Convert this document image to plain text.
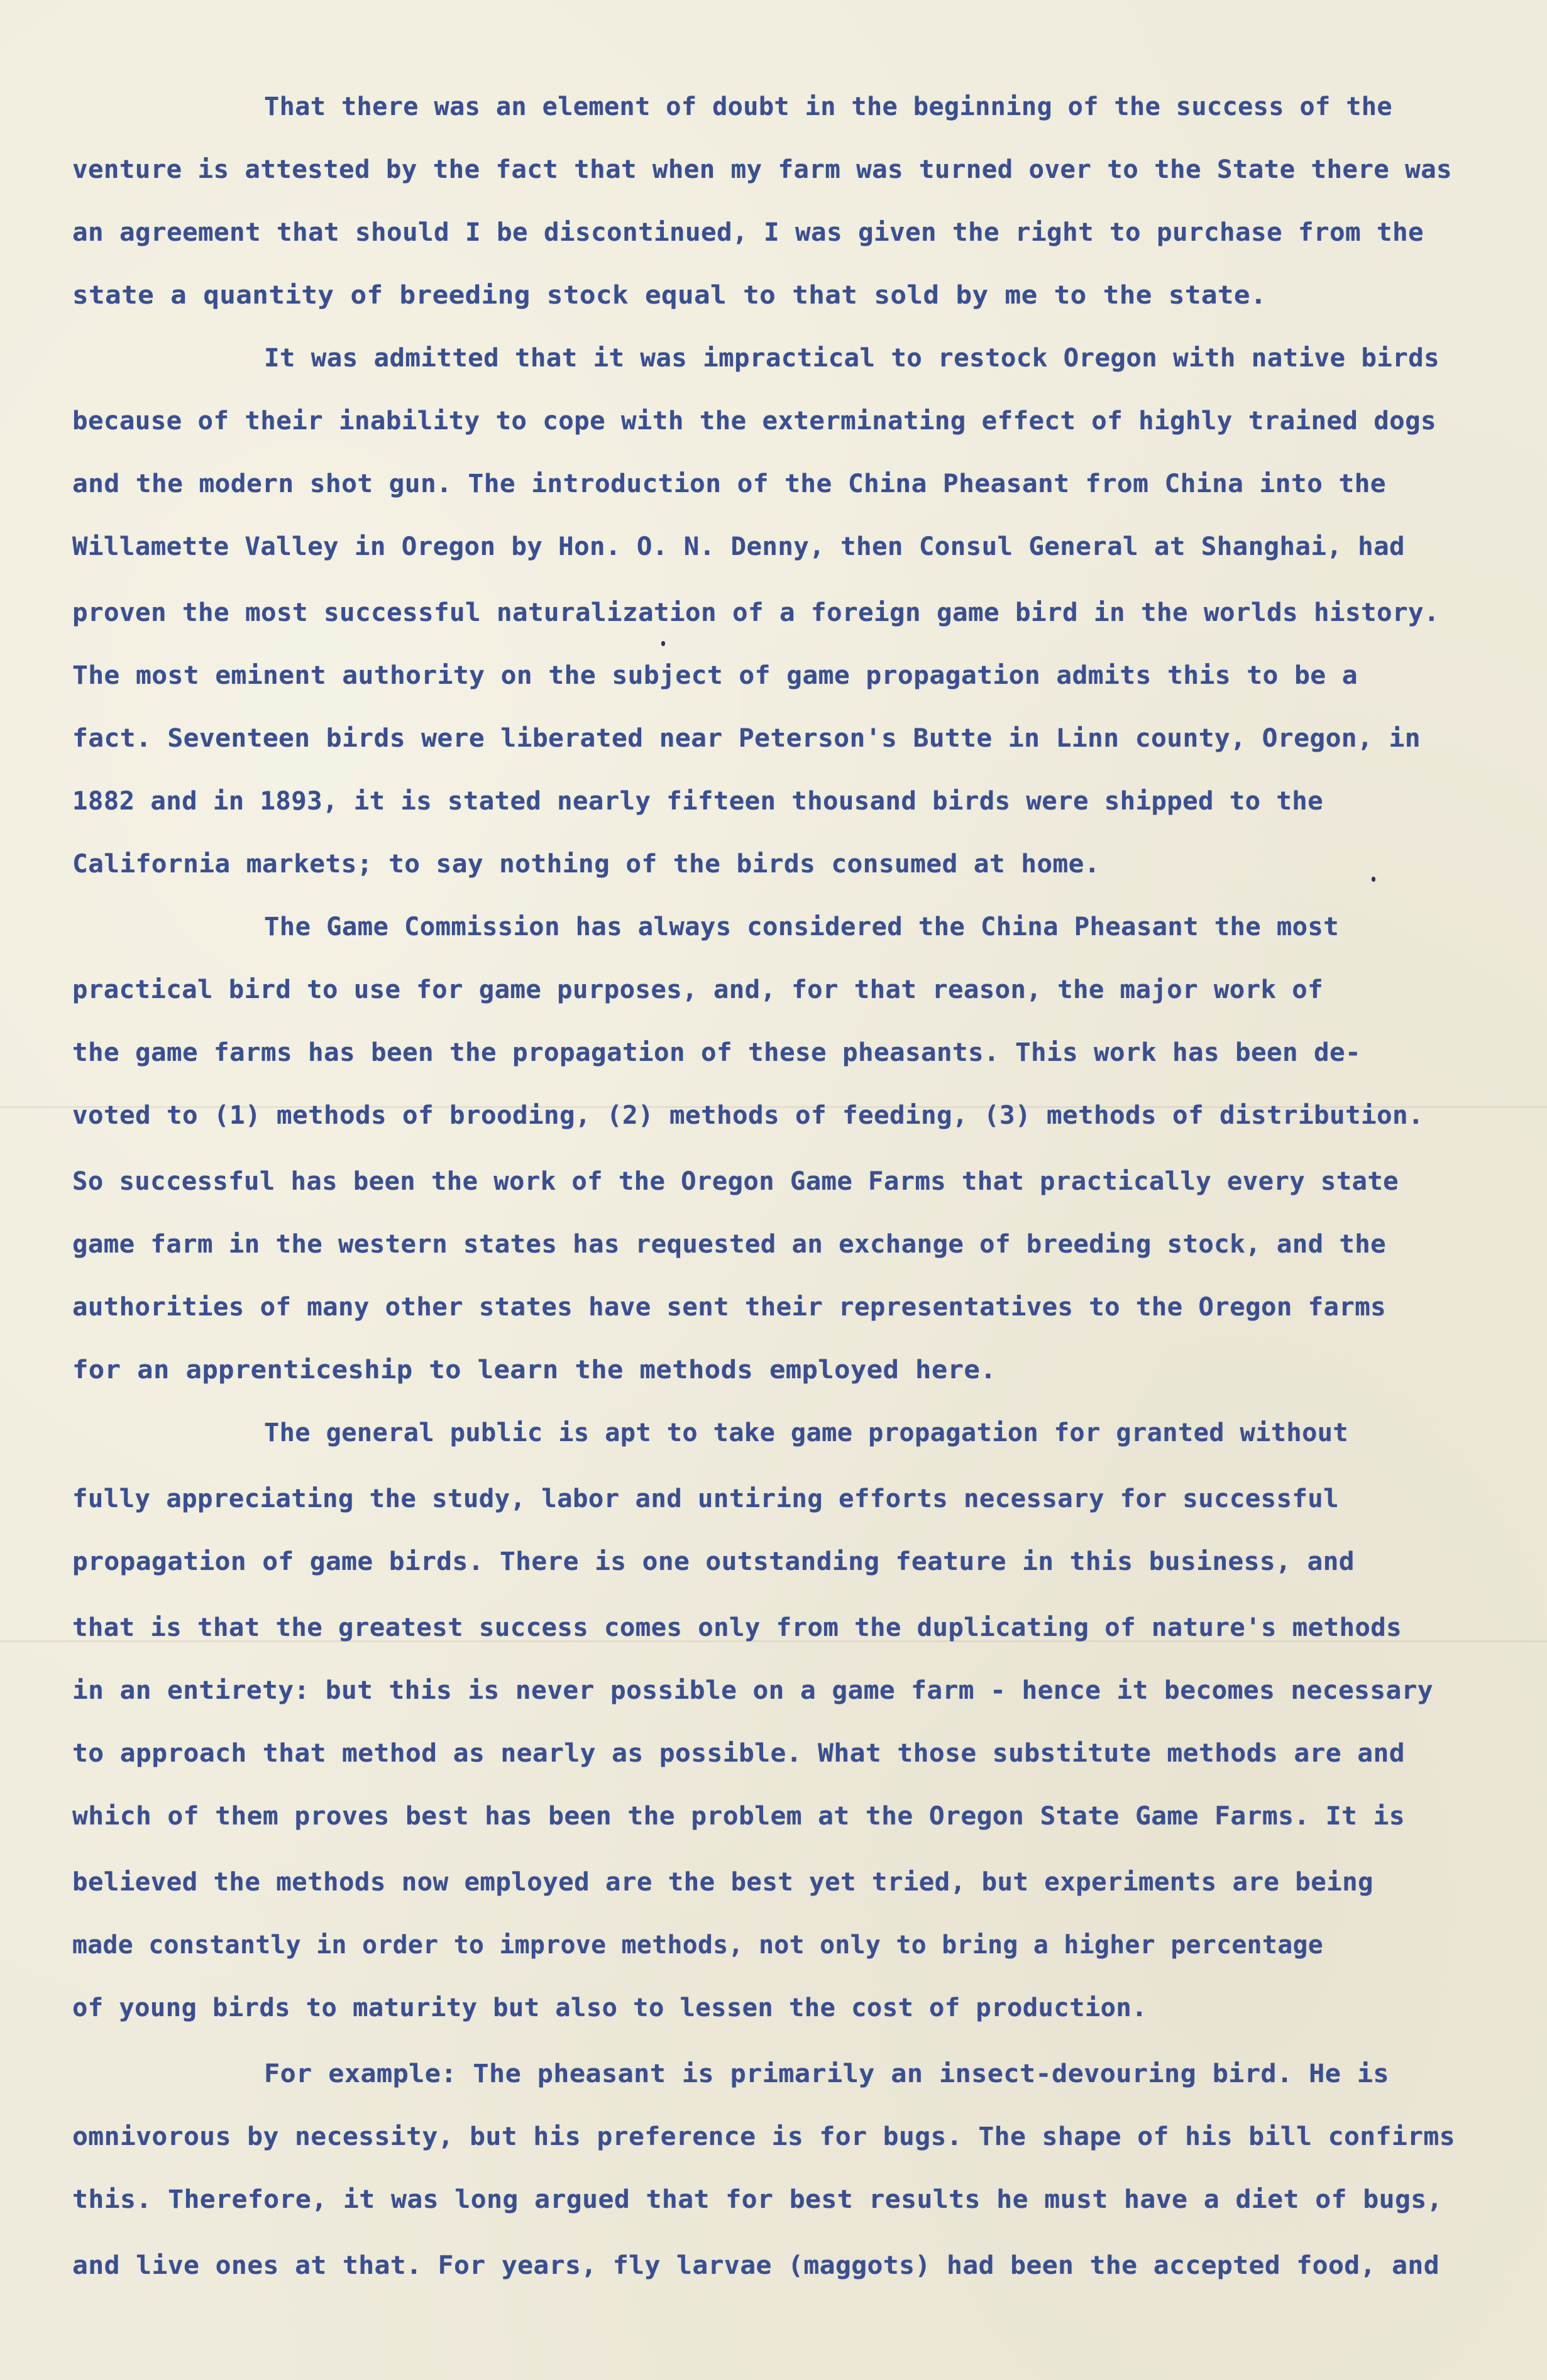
That there was an element of doubt in the beginning of the success of the

venture is attested by the fact that when my farm was turned over to the State there was

an agreement that should I be discontinued, I was given the right to purchase from the

state a quantity of breeding stock equal to that sold by me to the state.

It was admitted that it was impractical to restock Oregon with native birds

because of their inability to cope with the exterminating effect of highly trained dogs

and the modern shot gun. The introduction of the China Pheasant from China into the

Willamette Valley in Oregon by Hon. O. N. Denny, then Consul General at Shanghai, had

proven the most successful naturalization of a foreign game bird in the worlds history.

The most eminent authority on the subject of game propagation admits this to be a

fact. Seventeen birds were liberated near Peterson's Butte in Linn county, Oregon, in

1882 and in 1893, it is stated nearly fifteen thousand birds were shipped to the

California markets; to say nothing of the birds consumed at home.

The Game Commission has always considered the China Pheasant the most

practical bird to use for game purposes, and, for that reason, the major work of

the game farms has been the propagation of these pheasants. This work has been de-

voted to (1) methods of brooding, (2) methods of feeding, (3) methods of distribution.

So successful has been the work of the Oregon Game Farms that practically every state

game farm in the western states has requested an exchange of breeding stock, and the

authorities of many other states have sent their representatives to the Oregon farms

for an apprenticeship to learn the methods employed here.

The general public is apt to take game propagation for granted without

fully appreciating the study, labor and untiring efforts necessary for successful

propagation of game birds. There is one outstanding feature in this business, and

that is that the greatest success comes only from the duplicating of nature's methods

in an entirety: but this is never possible on a game farm - hence it becomes necessary

to approach that method as nearly as possible. What those substitute methods are and

which of them proves best has been the problem at the Oregon State Game Farms. It is

believed the methods now employed are the best yet tried, but experiments are being

made constantly in order to improve methods, not only to bring a higher percentage

of young birds to maturity but also to lessen the cost of production.

For example: The pheasant is primarily an insect-devouring bird. He is

omnivorous by necessity, but his preference is for bugs. The shape of his bill confirms

this. Therefore, it was long argued that for best results he must have a diet of bugs,

and live ones at that. For years, fly larvae (maggots) had been the accepted food, and
